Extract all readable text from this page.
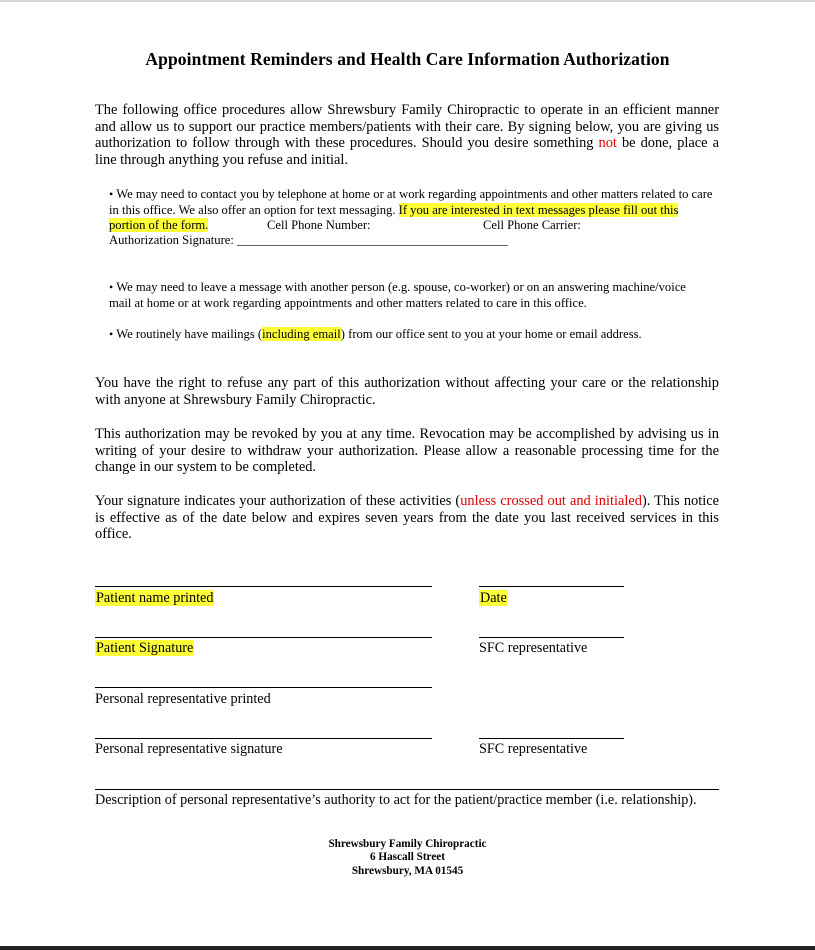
Appointment Reminders and Health Care Information Authorization
The following office procedures allow Shrewsbury Family Chiropractic to operate in an efficient manner and allow us to support our practice members/patients with their care. By signing below, you are giving us authorization to follow through with these procedures. Should you desire something not be done, place a line through anything you refuse and initial.
• We may need to contact you by telephone at home or at work regarding appointments and other matters related to care in this office. We also offer an option for text messaging. If you are interested in text messages please fill out this portion of the form.	Cell Phone Number:	Cell Phone Carrier:
Authorization Signature: ___________________________________________
• We may need to leave a message with another person (e.g. spouse, co-worker) or on an answering machine/voice mail at home or at work regarding appointments and other matters related to care in this office.
• We routinely have mailings (including email) from our office sent to you at your home or email address.
You have the right to refuse any part of this authorization without affecting your care or the relationship with anyone at Shrewsbury Family Chiropractic.
This authorization may be revoked by you at any time. Revocation may be accomplished by advising us in writing of your desire to withdraw your authorization. Please allow a reasonable processing time for the change in our system to be completed.
Your signature indicates your authorization of these activities (unless crossed out and initialed). This notice is effective as of the date below and expires seven years from the date you last received services in this office.
Patient name printed	Date
Patient Signature	SFC representative
Personal representative printed
Personal representative signature	SFC representative
Description of personal representative’s authority to act for the patient/practice member (i.e. relationship).
Shrewsbury Family Chiropractic
6 Hascall Street
Shrewsbury, MA 01545
